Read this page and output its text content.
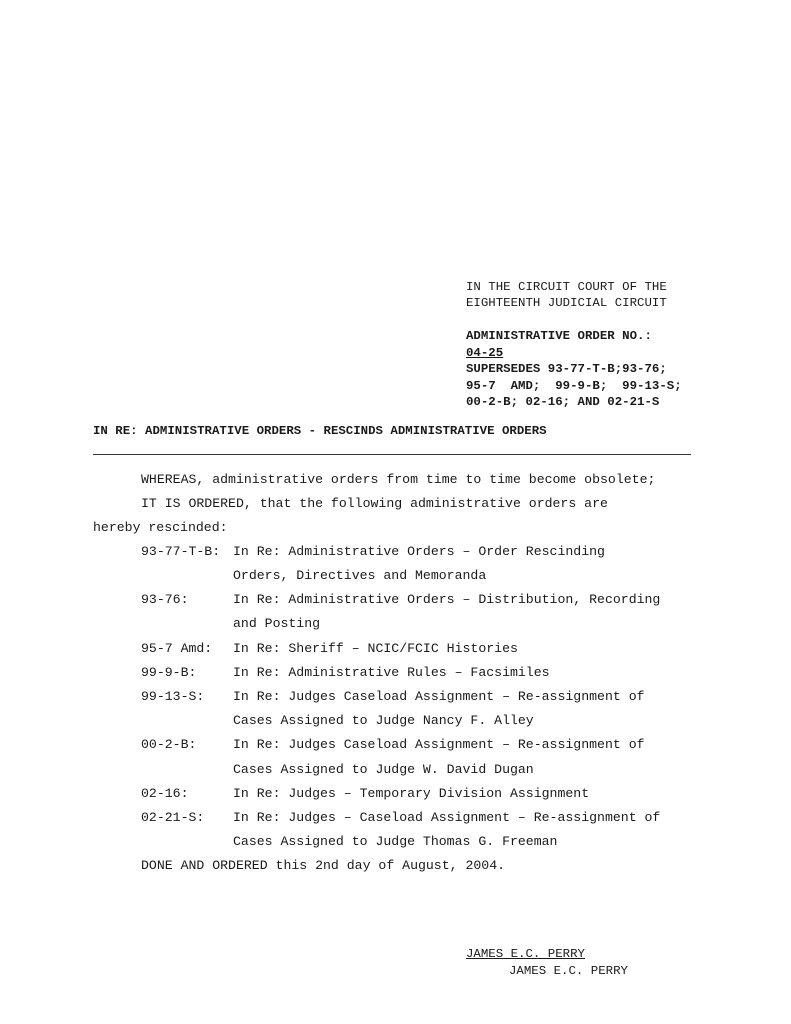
IN THE CIRCUIT COURT OF THE
EIGHTEENTH JUDICIAL CIRCUIT
ADMINISTRATIVE ORDER NO.:
04-25
SUPERSEDES 93-77-T-B;93-76;
95-7  AMD;  99-9-B;  99-13-S;
00-2-B; 02-16; AND 02-21-S
IN RE: ADMINISTRATIVE ORDERS - RESCINDS ADMINISTRATIVE ORDERS

WHEREAS, administrative orders from time to time become obsolete;

IT IS ORDERED, that the following administrative orders are

hereby rescinded:

93-77-T-B:

In Re: Administrative Orders – Order Rescinding

Orders, Directives and Memoranda

93-76:

	In Re: Administrative Orders – Distribution, Recording

and Posting

95-7 Amd:

In Re: Sheriff – NCIC/FCIC Histories

99-9-B:

	In Re: Administrative Rules – Facsimiles

99-13-S:

In Re: Judges Caseload Assignment – Re-assignment of

Cases Assigned to Judge Nancy F. Alley

00-2-B:

	In Re: Judges Caseload Assignment – Re-assignment of

Cases Assigned to Judge W. David Dugan

02-16:

	In Re: Judges – Temporary Division Assignment

02-21-S:

In Re: Judges – Caseload Assignment – Re-assignment of

Cases Assigned to Judge Thomas G. Freeman

DONE AND ORDERED this 2nd day of August, 2004.

JAMES E.C. PERRY
JAMES E.C. PERRY
